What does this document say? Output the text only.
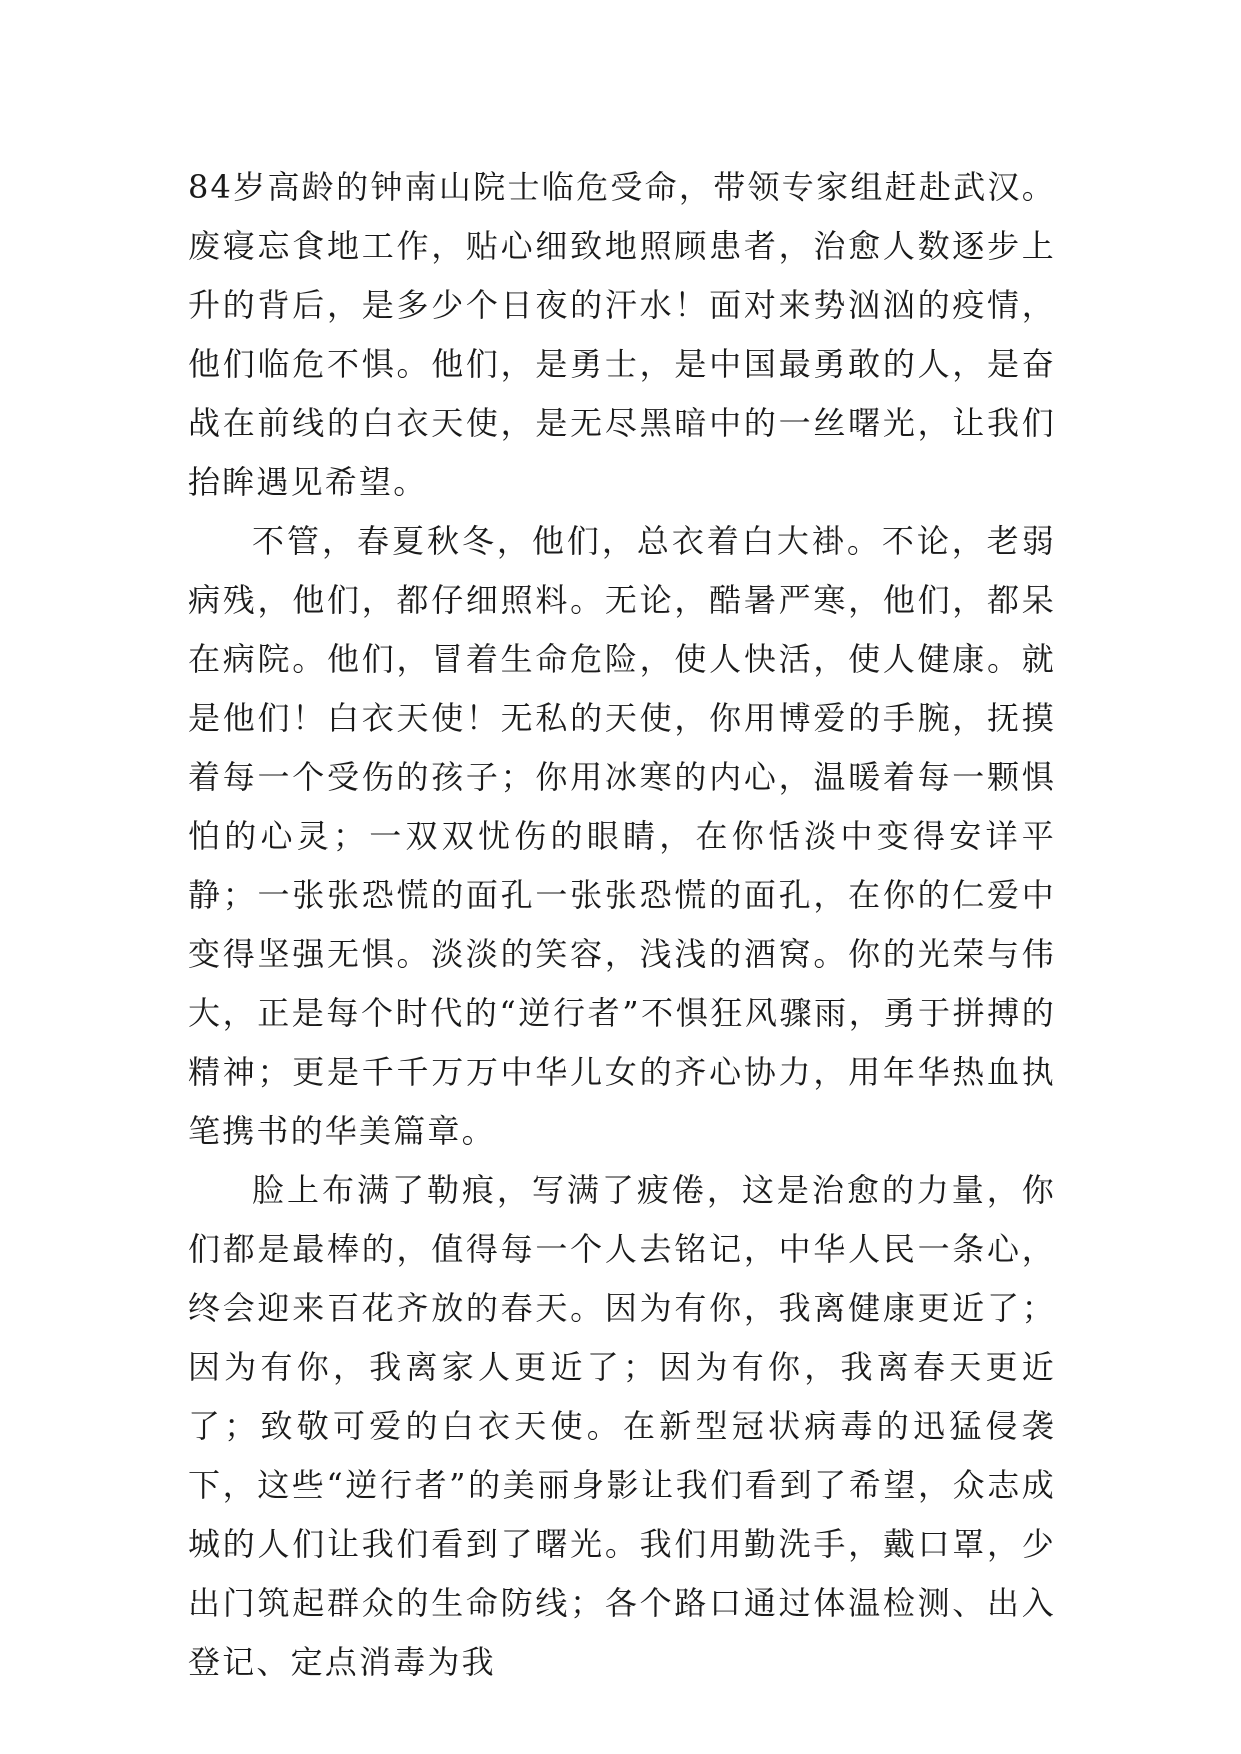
84岁高龄的钟南山院士临危受命，带领专家组赶赴武汉。废寝忘食地工作，贴心细致地照顾患者，治愈人数逐步上升的背后，是多少个日夜的汗水！面对来势汹汹的疫情，他们临危不惧。他们，是勇士，是中国最勇敢的人，是奋战在前线的白衣天使，是无尽黑暗中的一丝曙光，让我们抬眸遇见希望。

不管，春夏秋冬，他们，总衣着白大褂。不论，老弱病残，他们，都仔细照料。无论，酷暑严寒，他们，都呆在病院。他们，冒着生命危险，使人快活，使人健康。就是他们！白衣天使！无私的天使，你用博爱的手腕，抚摸着每一个受伤的孩子；你用冰寒的内心，温暖着每一颗惧怕的心灵；一双双忧伤的眼睛，在你恬淡中变得安详平静；一张张恐慌的面孔一张张恐慌的面孔，在你的仁爱中变得坚强无惧。淡淡的笑容，浅浅的酒窝。你的光荣与伟大，正是每个时代的“逆行者”不惧狂风骤雨，勇于拼搏的精神；更是千千万万中华儿女的齐心协力，用年华热血执笔携书的华美篇章。

脸上布满了勒痕，写满了疲倦，这是治愈的力量，你们都是最棒的，值得每一个人去铭记，中华人民一条心，终会迎来百花齐放的春天。因为有你，我离健康更近了；因为有你，我离家人更近了；因为有你，我离春天更近了；致敬可爱的白衣天使。在新型冠状病毒的迅猛侵袭下，这些“逆行者”的美丽身影让我们看到了希望，众志成城的人们让我们看到了曙光。我们用勤洗手，戴口罩，少出门筑起群众的生命防线；各个路口通过体温检测、出入登记、定点消毒为我
